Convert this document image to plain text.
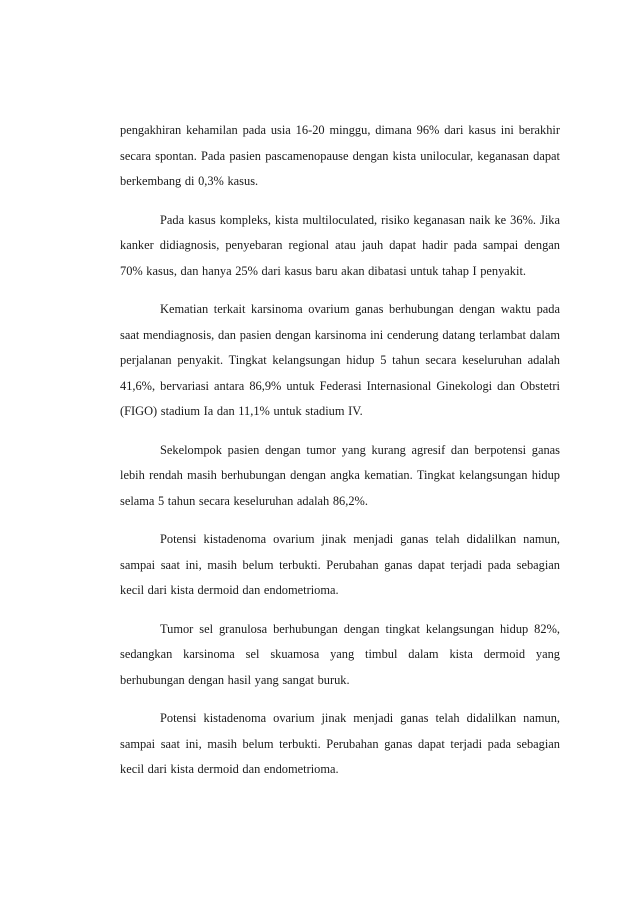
pengakhiran kehamilan pada usia 16-20 minggu, dimana 96% dari kasus ini berakhir secara spontan. Pada pasien pascamenopause dengan kista unilocular, keganasan dapat berkembang di 0,3% kasus.

Pada kasus kompleks, kista multiloculated, risiko keganasan naik ke 36%. Jika kanker didiagnosis, penyebaran regional atau jauh dapat hadir pada sampai dengan 70% kasus, dan hanya 25% dari kasus baru akan dibatasi untuk tahap I penyakit.

Kematian terkait karsinoma ovarium ganas berhubungan dengan waktu pada saat mendiagnosis, dan pasien dengan karsinoma ini cenderung datang terlambat dalam perjalanan penyakit. Tingkat kelangsungan hidup 5 tahun secara keseluruhan adalah 41,6%, bervariasi antara 86,9% untuk Federasi Internasional Ginekologi dan Obstetri (FIGO) stadium Ia dan 11,1% untuk stadium IV.

Sekelompok pasien dengan tumor yang kurang agresif dan berpotensi ganas lebih rendah masih berhubungan dengan angka kematian. Tingkat kelangsungan hidup selama 5 tahun secara keseluruhan adalah 86,2%.

Potensi kistadenoma ovarium jinak menjadi ganas telah didalilkan namun, sampai saat ini, masih belum terbukti. Perubahan ganas dapat terjadi pada sebagian kecil dari kista dermoid dan endometrioma.

Tumor sel granulosa berhubungan dengan tingkat kelangsungan hidup 82%, sedangkan karsinoma sel skuamosa yang timbul dalam kista dermoid yang berhubungan dengan hasil yang sangat buruk.

Potensi kistadenoma ovarium jinak menjadi ganas telah didalilkan namun, sampai saat ini, masih belum terbukti. Perubahan ganas dapat terjadi pada sebagian kecil dari kista dermoid dan endometrioma.
